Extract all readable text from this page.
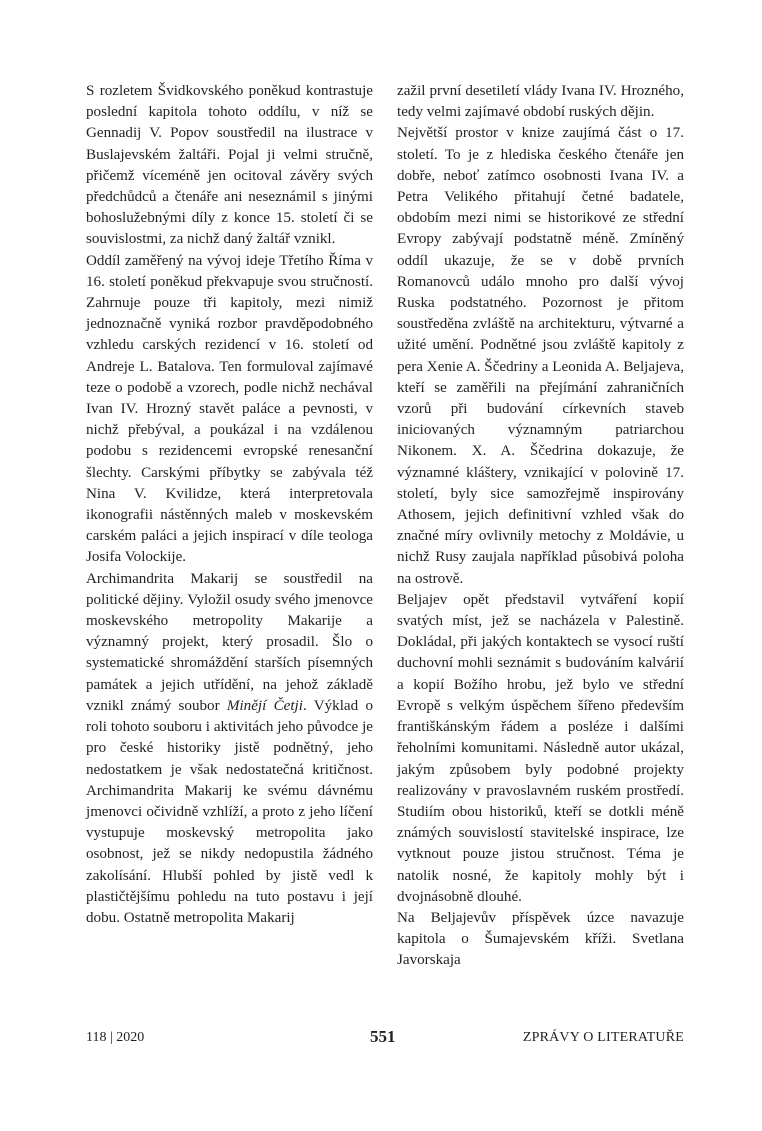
S rozletem Švidkovského poněkud kontrastuje poslední kapitola tohoto oddílu, v níž se Gennadij V. Popov soustředil na ilustrace v Buslajevském žaltáři. Pojal ji velmi stručně, přičemž víceméně jen ocitoval závěry svých předchůdců a čtenáře ani neseznámil s jinými bohoslužebnými díly z konce 15. století či se souvislostmi, za nichž daný žaltář vznikl.

Oddíl zaměřený na vývoj ideje Třetího Říma v 16. století poněkud překvapuje svou stručností. Zahrnuje pouze tři kapitoly, mezi nimiž jednoznačně vyniká rozbor pravděpodobného vzhledu carských rezidencí v 16. století od Andreje L. Batalova. Ten formuloval zajímavé teze o podobě a vzorech, podle nichž nechával Ivan IV. Hrozný stavět paláce a pevnosti, v nichž přebýval, a poukázal i na vzdálenou podobu s rezidencemi evropské renesanční šlechty. Carskými příbytky se zabývala též Nina V. Kvilidze, která interpretovala ikonografii nástěnných maleb v moskevském carském paláci a jejich inspirací v díle teologa Josifa Volockije.

Archimandrita Makarij se soustředil na politické dějiny. Vyložil osudy svého jmenovce moskevského metropolity Makarije a významný projekt, který prosadil. Šlo o systematické shromáždění starších písemných památek a jejich utřídění, na jehož základě vznikl známý soubor Minějí Četji. Výklad o roli tohoto souboru i aktivitách jeho původce je pro české historiky jistě podnětný, jeho nedostatkem je však nedostatečná kritičnost. Archimandrita Makarij ke svému dávnému jmenovci očividně vzhlíží, a proto z jeho líčení vystupuje moskevský metropolita jako osobnost, jež se nikdy nedopustila žádného zakolísání. Hlubší pohled by jistě vedl k plastičtějšímu pohledu na tuto postavu i její dobu. Ostatně metropolita Makarij

zažil první desetiletí vlády Ivana IV. Hrozného, tedy velmi zajímavé období ruských dějin.

Největší prostor v knize zaujímá část o 17. století. To je z hlediska českého čtenáře jen dobře, neboť zatímco osobnosti Ivana IV. a Petra Velikého přitahují četné badatele, obdobím mezi nimi se historikové ze střední Evropy zabývají podstatně méně. Zmíněný oddíl ukazuje, že se v době prvních Romanovců událo mnoho pro další vývoj Ruska podstatného. Pozornost je přitom soustředěna zvláště na architekturu, výtvarné a užité umění. Podnětné jsou zvláště kapitoly z pera Xenie A. Ščedriny a Leonida A. Beljajeva, kteří se zaměřili na přejímání zahraničních vzorů při budování církevních staveb iniciovaných významným patriarchou Nikonem. X. A. Ščedrina dokazuje, že významné kláštery, vznikající v polovině 17. století, byly sice samozřejmě inspirovány Athosem, jejich definitivní vzhled však do značné míry ovlivnily metochy z Moldávie, u nichž Rusy zaujala například působivá poloha na ostrově.

Beljajev opět představil vytváření kopií svatých míst, jež se nacházela v Palestině. Dokládal, při jakých kontaktech se vysocí ruští duchovní mohli seznámit s budováním kalvárií a kopií Božího hrobu, jež bylo ve střední Evropě s velkým úspěchem šířeno především františkánským řádem a posléze i dalšími řeholními komunitami. Následně autor ukázal, jakým způsobem byly podobné projekty realizovány v pravoslavném ruském prostředí. Studiím obou historiků, kteří se dotkli méně známých souvislostí stavitelské inspirace, lze vytknout pouze jistou stručnost. Téma je natolik nosné, že kapitoly mohly být i dvojnásobně dlouhé.

Na Beljajevův příspěvek úzce navazuje kapitola o Šumajevském kříži. Svetlana Javorskaja

118 | 2020	551	ZPRÁVY O LITERATUŘE
